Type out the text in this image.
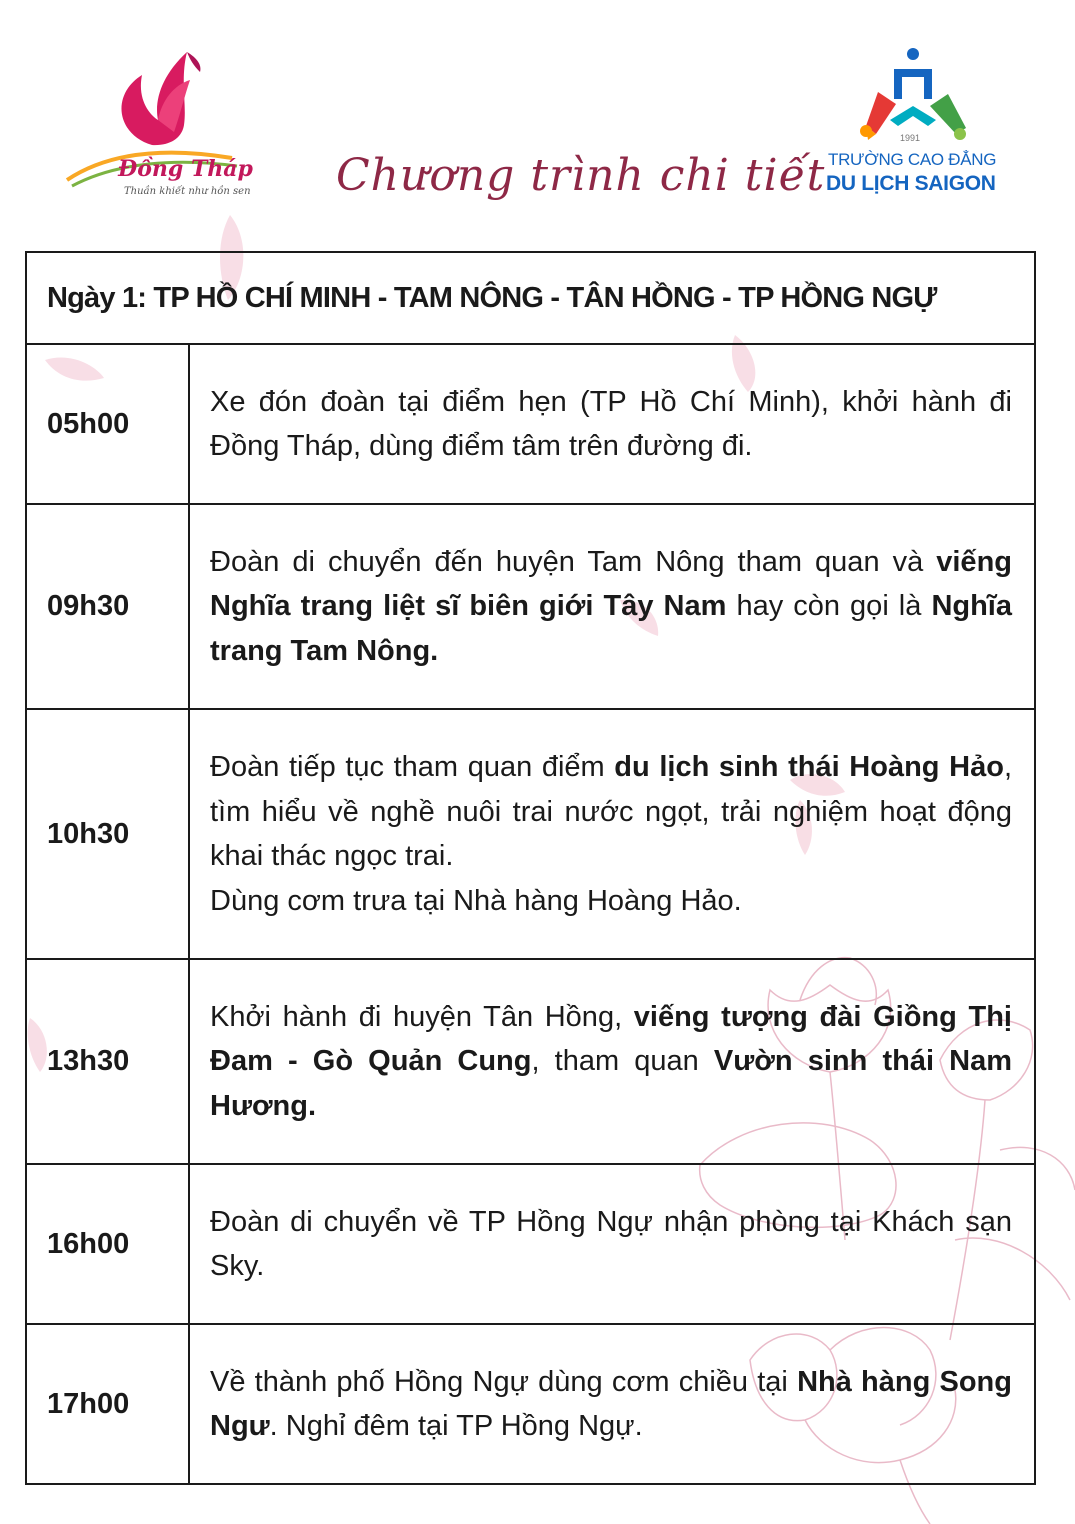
Đồng Tháp
Thuần khiết như hồn sen Chương trình chi tiết
1991
TRƯỜNG CAO ĐẲNG
DU LỊCH SAIGON
Ngày 1: TP HỒ CHÍ MINH - TAM NÔNG - TÂN HỒNG - TP HỒNG NGỰ	
05h00	Xe đón đoàn tại điểm hẹn (TP Hồ Chí Minh), khởi hành đi Đồng Tháp, dùng điểm tâm trên đường đi.
09h30	Đoàn di chuyển đến huyện Tam Nông tham quan và viếng Nghĩa trang liệt sĩ biên giới Tây Nam hay còn gọi là Nghĩa trang Tam Nông.
10h30	Đoàn tiếp tục tham quan điểm du lịch sinh thái Hoàng Hảo, tìm hiểu về nghề nuôi trai nước ngọt, trải nghiệm hoạt động khai thác ngọc trai.
Dùng cơm trưa tại Nhà hàng Hoàng Hảo.

13h30	Khởi hành đi huyện Tân Hồng, viếng tượng đài Giồng Thị Đam - Gò Quản Cung, tham quan Vườn sinh thái Nam Hương.
16h00	Đoàn di chuyển về TP Hồng Ngự nhận phòng tại Khách sạn Sky.
17h00	Về thành phố Hồng Ngự dùng cơm chiều tại Nhà hàng Song Ngư. Nghỉ đêm tại TP Hồng Ngự.
